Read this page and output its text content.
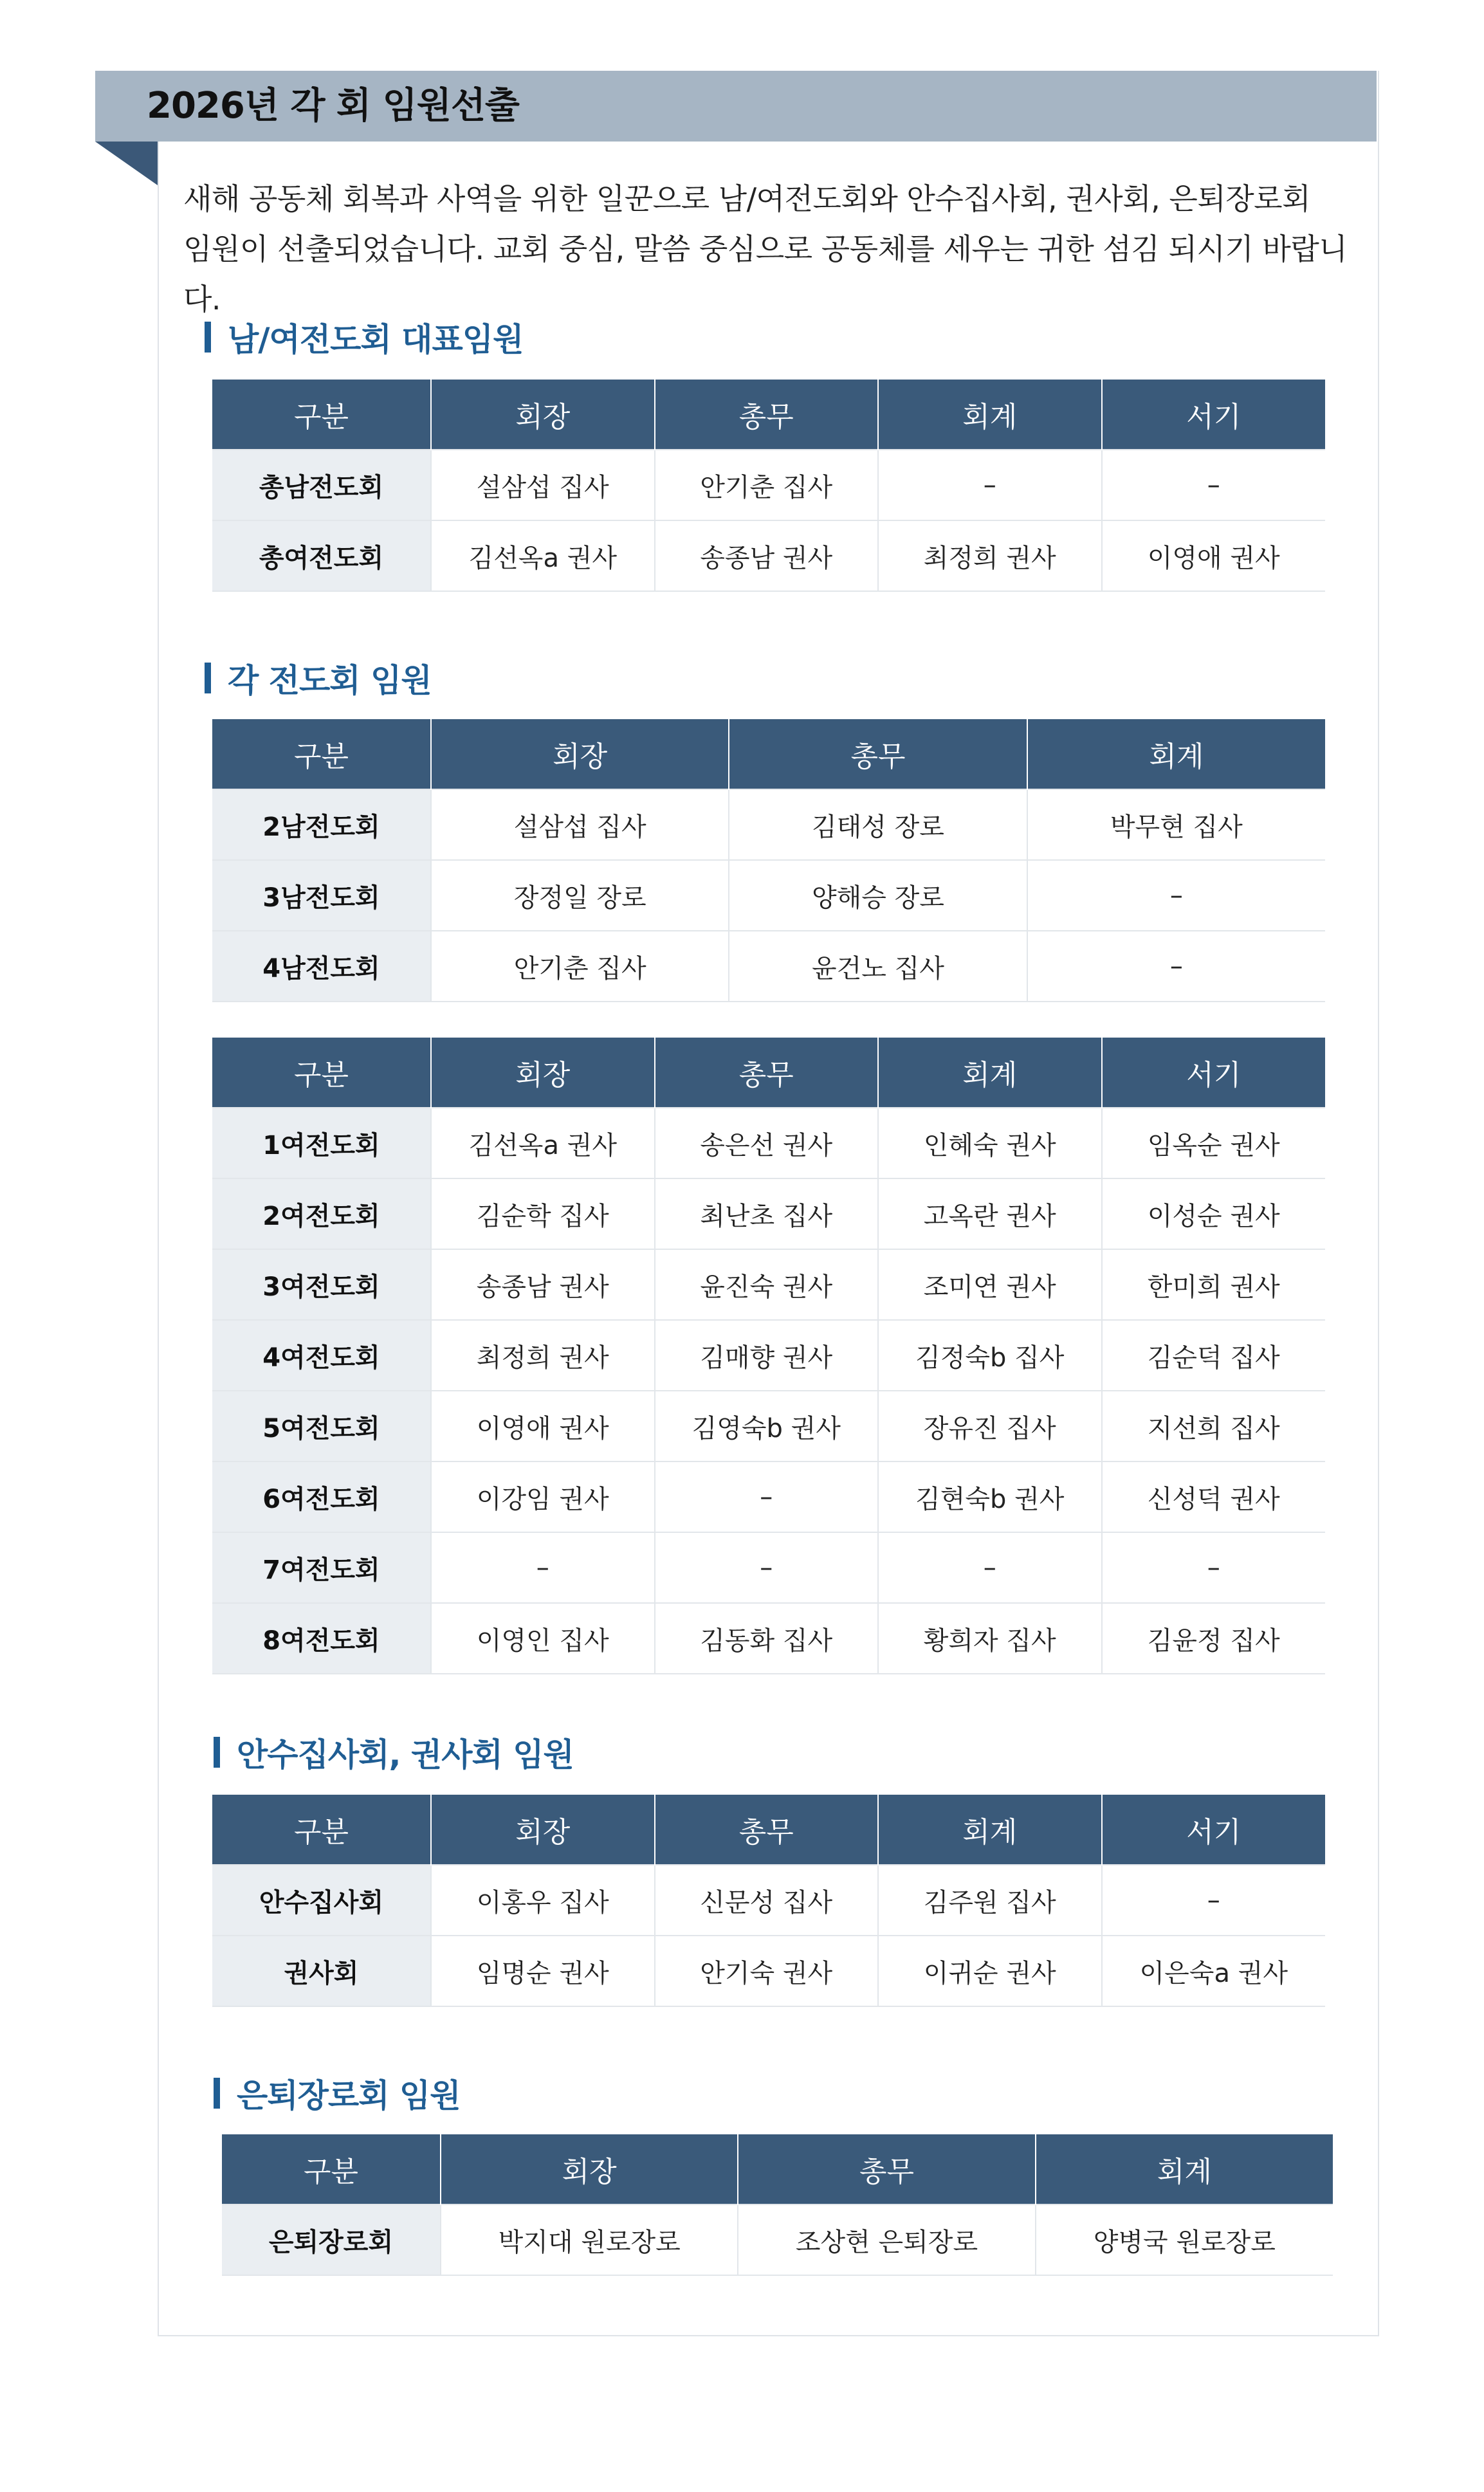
2026년 각 회 임원선출
새해 공동체 회복과 사역을 위한 일꾼으로 남/여전도회와 안수집사회, 권사회, 은퇴장로회
임원이 선출되었습니다. 교회 중심, 말씀 중심으로 공동체를 세우는 귀한 섬김 되시기 바랍니다.
남/여전도회 대표임원
구분	회장	총무	회계	서기
총남전도회	설삼섭 집사	안기춘 집사	–	–
총여전도회	김선옥a 권사	송종남 권사	최정희 권사	이영애 권사
각 전도회 임원
구분	회장	총무	회계
2남전도회	설삼섭 집사	김태성 장로	박무현 집사
3남전도회	장정일 장로	양해승 장로	–
4남전도회	안기춘 집사	윤건노 집사	–
구분	회장	총무	회계	서기
1여전도회	김선옥a 권사	송은선 권사	인혜숙 권사	임옥순 권사
2여전도회	김순학 집사	최난초 집사	고옥란 권사	이성순 권사
3여전도회	송종남 권사	윤진숙 권사	조미연 권사	한미희 권사
4여전도회	최정희 권사	김매향 권사	김정숙b 집사	김순덕 집사
5여전도회	이영애 권사	김영숙b 권사	장유진 집사	지선희 집사
6여전도회	이강임 권사	–	김현숙b 권사	신성덕 권사
7여전도회	–	–	–	–
8여전도회	이영인 집사	김동화 집사	황희자 집사	김윤정 집사
안수집사회, 권사회 임원
구분	회장	총무	회계	서기
안수집사회	이홍우 집사	신문성 집사	김주원 집사	–
권사회	임명순 권사	안기숙 권사	이귀순 권사	이은숙a 권사
은퇴장로회 임원
구분	회장	총무	회계
은퇴장로회	박지대 원로장로	조상현 은퇴장로	양병국 원로장로
